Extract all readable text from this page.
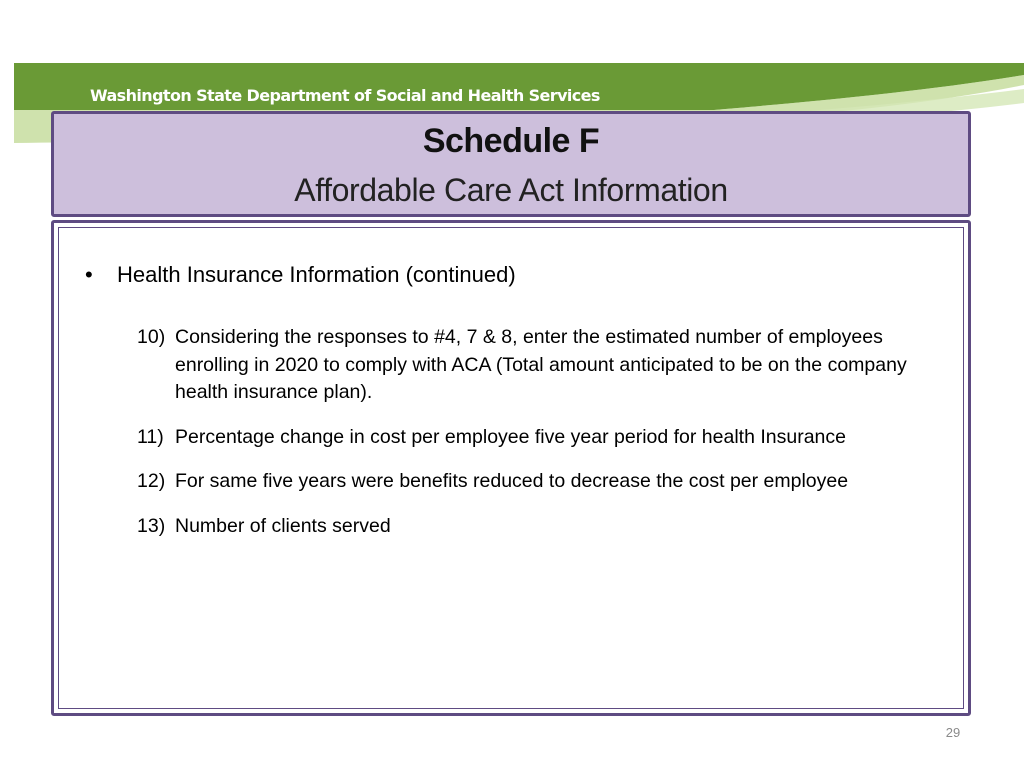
Washington State Department of Social and Health Services
Schedule F
Affordable Care Act Information
• Health Insurance Information (continued)
10) Considering the responses to #4, 7 & 8, enter the estimated number of employees enrolling in 2020 to comply with ACA (Total amount anticipated to be on the company health insurance plan).
11) Percentage change in cost per employee five year period for health Insurance
12) For same five years were benefits reduced to decrease the cost per employee
13) Number of clients served
29
